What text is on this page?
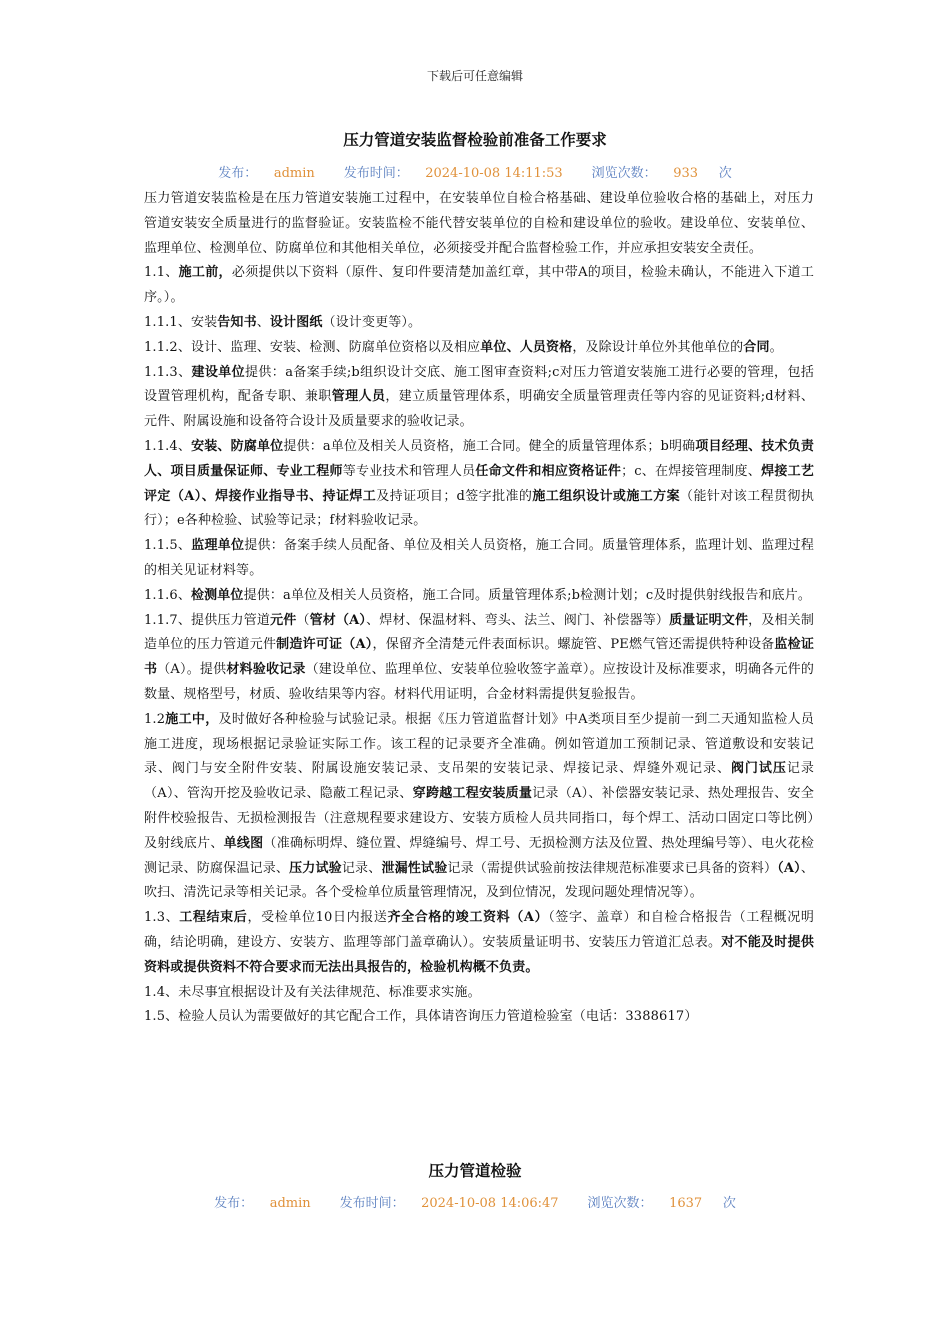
下载后可任意编辑
压力管道安装监督检验前准备工作要求
发布： admin 发布时间： 2024-10-08 14:11:53 浏览次数： 933 次

压力管道安装监检是在压力管道安装施工过程中，在安装单位自检合格基础、建设单位验收合格的基础上，对压力管道安装安全质量进行的监督验证。安装监检不能代替安装单位的自检和建设单位的验收。建设单位、安装单位、监理单位、检测单位、防腐单位和其他相关单位，必须接受并配合监督检验工作，并应承担安装安全责任。

1.1、施工前，必须提供以下资料（原件、复印件要清楚加盖红章，其中带A的项目，检验未确认，不能进入下道工序。）。

1.1.1、安装告知书、设计图纸（设计变更等）。

1.1.2、设计、监理、安装、检测、防腐单位资格以及相应单位、人员资格，及除设计单位外其他单位的合同。

1.1.3、建设单位提供：a备案手续;b组织设计交底、施工图审查资料;c对压力管道安装施工进行必要的管理，包括设置管理机构，配备专职、兼职管理人员，建立质量管理体系，明确安全质量管理责任等内容的见证资料;d材料、元件、附属设施和设备符合设计及质量要求的验收记录。

1.1.4、安装、防腐单位提供：a单位及相关人员资格，施工合同。健全的质量管理体系；b明确项目经理、技术负责人、项目质量保证师、专业工程师等专业技术和管理人员任命文件和相应资格证件；c、在焊接管理制度、焊接工艺评定（A）、焊接作业指导书、持证焊工及持证项目；d签字批准的施工组织设计或施工方案（能针对该工程贯彻执行）；e各种检验、试验等记录；f材料验收记录。

1.1.5、监理单位提供：备案手续人员配备、单位及相关人员资格，施工合同。质量管理体系，监理计划、监理过程的相关见证材料等。

1.1.6、检测单位提供：a单位及相关人员资格，施工合同。质量管理体系;b检测计划；c及时提供射线报告和底片。

1.1.7、提供压力管道元件（管材（A）、焊材、保温材料、弯头、法兰、阀门、补偿器等）质量证明文件，及相关制造单位的压力管道元件制造许可证（A），保留齐全清楚元件表面标识。螺旋管、PE燃气管还需提供特种设备监检证书（A）。提供材料验收记录（建设单位、监理单位、安装单位验收签字盖章）。应按设计及标准要求，明确各元件的数量、规格型号，材质、验收结果等内容。材料代用证明，合金材料需提供复验报告。

1.2施工中，及时做好各种检验与试验记录。根据《压力管道监督计划》中A类项目至少提前一到二天通知监检人员施工进度，现场根据记录验证实际工作。该工程的记录要齐全准确。例如管道加工预制记录、管道敷设和安装记录、阀门与安全附件安装、附属设施安装记录、支吊架的安装记录、焊接记录、焊缝外观记录、阀门试压记录（A）、管沟开挖及验收记录、隐蔽工程记录、穿跨越工程安装质量记录（A）、补偿器安装记录、热处理报告、安全附件校验报告、无损检测报告（注意规程要求建设方、安装方质检人员共同指口，每个焊工、活动口固定口等比例）及射线底片、单线图（准确标明焊、缝位置、焊缝编号、焊工号、无损检测方法及位置、热处理编号等）、电火花检测记录、防腐保温记录、压力试验记录、泄漏性试验记录（需提供试验前按法律规范标准要求已具备的资料）（A）、吹扫、清洗记录等相关记录。各个受检单位质量管理情况，及到位情况，发现问题处理情况等）。

1.3、工程结束后，受检单位10日内报送齐全合格的竣工资料（A）（签字、盖章）和自检合格报告（工程概况明确，结论明确，建设方、安装方、监理等部门盖章确认）。安装质量证明书、安装压力管道汇总表。对不能及时提供资料或提供资料不符合要求而无法出具报告的，检验机构概不负责。

1.4、未尽事宜根据设计及有关法律规范、标准要求实施。

1.5、检验人员认为需要做好的其它配合工作，具体请咨询压力管道检验室（电话：3388617）

压力管道检验
发布： admin 发布时间： 2024-10-08 14:06:47 浏览次数： 1637 次
